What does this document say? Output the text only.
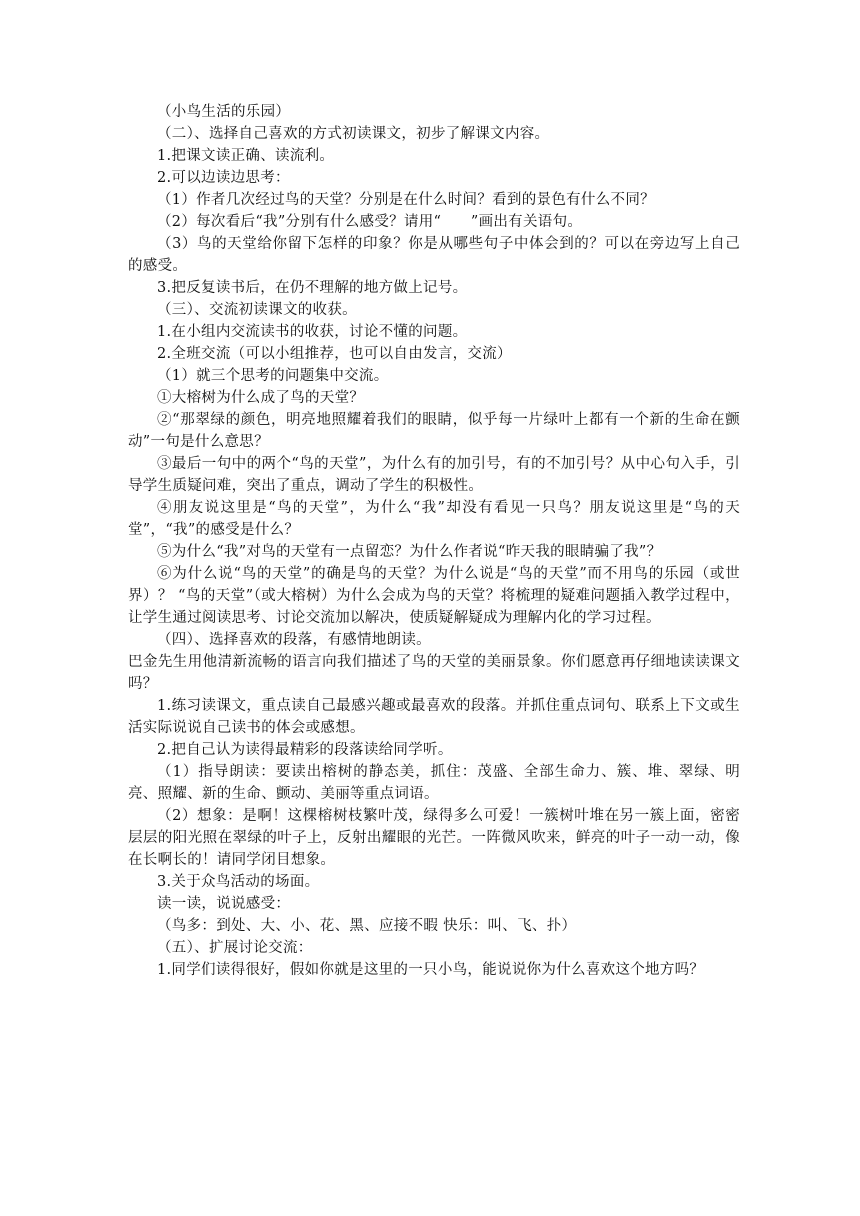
（小鸟生活的乐园）

（二）、选择自己喜欢的方式初读课文，初步了解课文内容。

1.把课文读正确、读流利。

2.可以边读边思考：

（1）作者几次经过鸟的天堂？分别是在什么时间？看到的景色有什么不同？

（2）每次看后“我”分别有什么感受？请用“　　”画出有关语句。

（3）鸟的天堂给你留下怎样的印象？你是从哪些句子中体会到的？可以在旁边写上自己的感受。

3.把反复读书后，在仍不理解的地方做上记号。

（三）、交流初读课文的收获。

1.在小组内交流读书的收获，讨论不懂的问题。

2.全班交流（可以小组推荐，也可以自由发言，交流）

（1）就三个思考的问题集中交流。

①大榕树为什么成了鸟的天堂？

②“那翠绿的颜色，明亮地照耀着我们的眼睛，似乎每一片绿叶上都有一个新的生命在颤动”一句是什么意思？

③最后一句中的两个“鸟的天堂”，为什么有的加引号，有的不加引号？从中心句入手，引导学生质疑问难，突出了重点，调动了学生的积极性。

④朋友说这里是“鸟的天堂”，为什么“我”却没有看见一只鸟？朋友说这里是“鸟的天堂”，“我”的感受是什么？

⑤为什么“我”对鸟的天堂有一点留恋？为什么作者说“昨天我的眼睛骗了我”？

⑥为什么说“鸟的天堂”的确是鸟的天堂？为什么说是“鸟的天堂”而不用鸟的乐园（或世界）？ “鸟的天堂”（或大榕树）为什么会成为鸟的天堂？将梳理的疑难问题插入教学过程中，让学生通过阅读思考、讨论交流加以解决，使质疑解疑成为理解内化的学习过程。

（四）、选择喜欢的段落，有感情地朗读。

巴金先生用他清新流畅的语言向我们描述了鸟的天堂的美丽景象。你们愿意再仔细地读读课文吗？

1.练习读课文，重点读自己最感兴趣或最喜欢的段落。并抓住重点词句、联系上下文或生活实际说说自己读书的体会或感想。

2.把自己认为读得最精彩的段落读给同学听。

（1）指导朗读：要读出榕树的静态美，抓住：茂盛、全部生命力、簇、堆、翠绿、明亮、照耀、新的生命、颤动、美丽等重点词语。

（2）想象：是啊！这棵榕树枝繁叶茂，绿得多么可爱！一簇树叶堆在另一簇上面，密密层层的阳光照在翠绿的叶子上，反射出耀眼的光芒。一阵微风吹来，鲜亮的叶子一动一动，像在长啊长的！请同学闭目想象。

3.关于众鸟活动的场面。

读一读，说说感受：

（鸟多：到处、大、小、花、黑、应接不暇 快乐：叫、飞、扑）

（五）、扩展讨论交流：

1.同学们读得很好，假如你就是这里的一只小鸟，能说说你为什么喜欢这个地方吗？
